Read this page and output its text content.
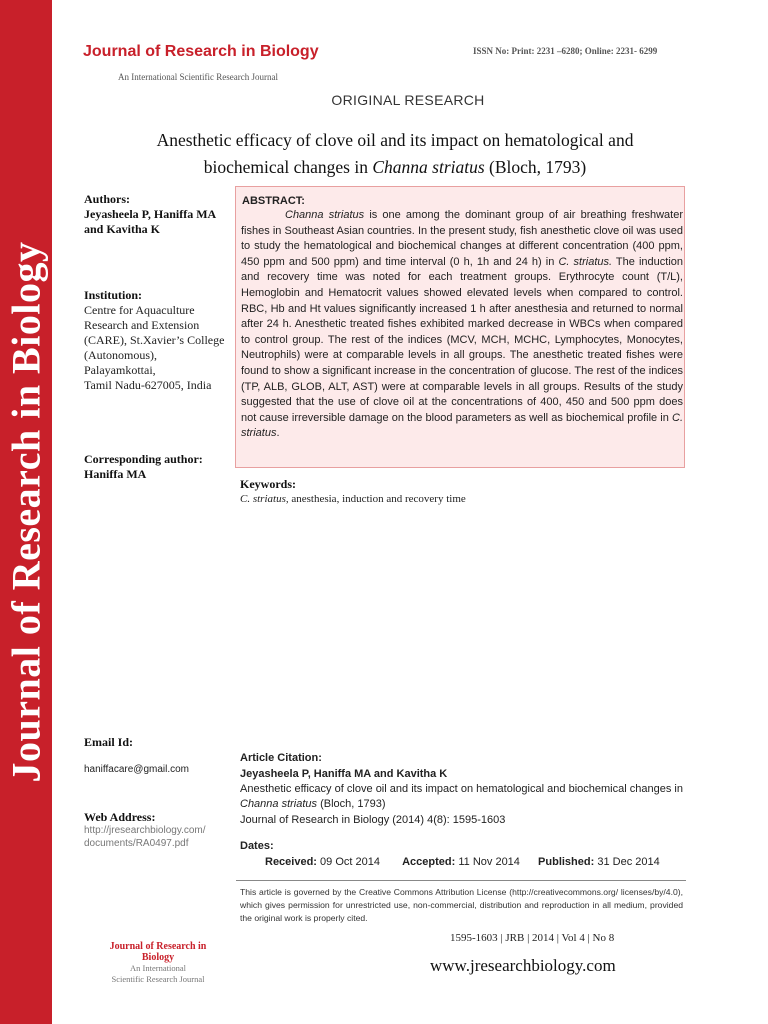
Journal of Research in Biology
Journal of Research in Biology
An International Scientific Research Journal
ISSN No: Print: 2231 –6280; Online: 2231- 6299
ORIGINAL RESEARCH
Anesthetic efficacy of clove oil and its impact on hematological and
biochemical changes in Channa striatus (Bloch, 1793)
Authors:
Jeyasheela P, Haniffa MA
and Kavitha K
Institution:
Centre for Aquaculture
Research and Extension
(CARE), St.Xavier’s College
(Autonomous),
Palayamkottai,
Tamil Nadu-627005, India
Corresponding author:
Haniffa MA
ABSTRACT:
Channa striatus is one among the dominant group of air breathing freshwater fishes in Southeast Asian countries. In the present study, fish anesthetic clove oil was used to study the hematological and biochemical changes at different concentration (400 ppm, 450 ppm and 500 ppm) and time interval (0 h, 1h and 24 h) in C. striatus. The induction and recovery time was noted for each treatment groups. Erythrocyte count (T/L), Hemoglobin and Hematocrit values showed elevated levels when compared to control. RBC, Hb and Ht values significantly increased 1 h after anesthesia and returned to normal after 24 h. Anesthetic treated fishes exhibited marked decrease in WBCs when compared to control group. The rest of the indices (MCV, MCH, MCHC, Lymphocytes, Monocytes, Neutrophils) were at comparable levels in all groups. The anesthetic treated fishes were found to show a significant increase in the concentration of glucose. The rest of the indices (TP, ALB, GLOB, ALT, AST) were at comparable levels in all groups. Results of the study suggested that the use of clove oil at the concentrations of 400, 450 and 500 ppm does not cause irreversible damage on the blood parameters as well as biochemical profile in C. striatus.
Keywords:
C. striatus, anesthesia, induction and recovery time
Email Id:
haniffacare@gmail.com
Web Address:
http://jresearchbiology.com/
documents/RA0497.pdf
Article Citation:
Jeyasheela P, Haniffa MA and Kavitha K
Anesthetic efficacy of clove oil and its impact on hematological and biochemical changes in Channa striatus (Bloch, 1793)
Journal of Research in Biology (2014) 4(8): 1595-1603
Dates:
Received: 09 Oct 2014 Accepted: 11 Nov 2014 Published: 31 Dec 2014
This article is governed by the Creative Commons Attribution License (http://creativecommons.org/ licenses/by/4.0), which gives permission for unrestricted use, non-commercial, distribution and reproduction in all medium, provided the original work is properly cited.
Journal of Research in Biology
An International
Scientific Research Journal
1595-1603 | JRB | 2014 | Vol 4 | No 8
www.jresearchbiology.com
